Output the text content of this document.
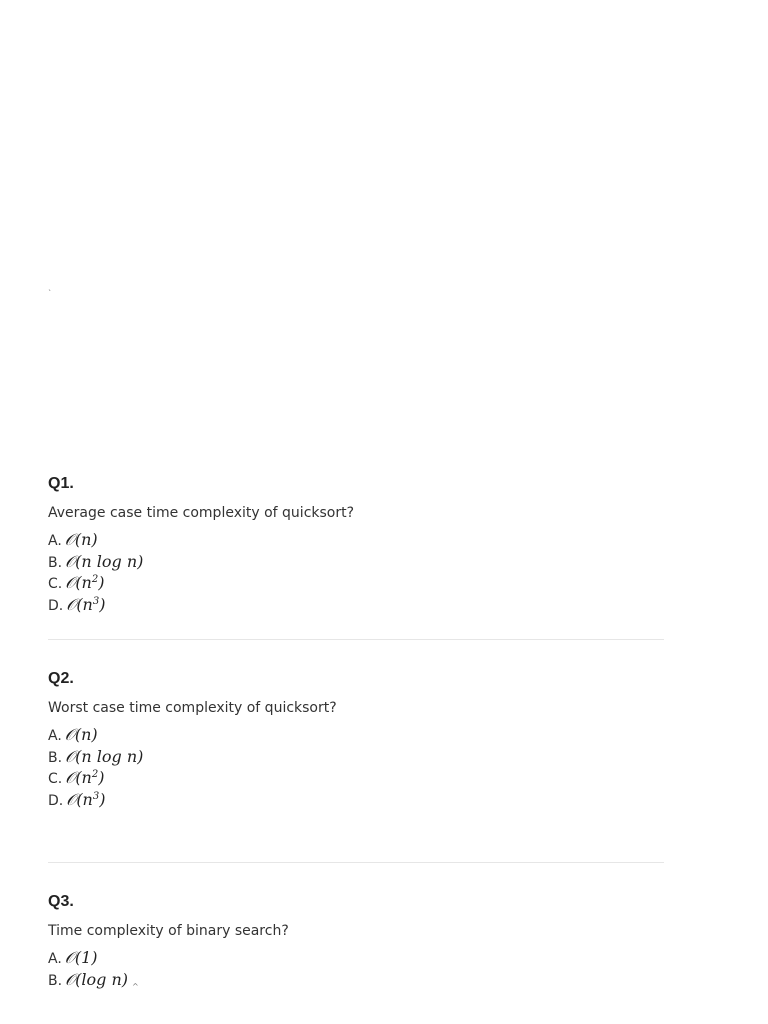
`
Q1.
Average case time complexity of quicksort?
A. 𝒪(n)
B. 𝒪(n log n)
C. $𝒪(n^2)$
D. $𝒪(n^3)$
Q2.
Worst case time complexity of quicksort?
A. 𝒪(n)
B. 𝒪(n log n)
C. $𝒪(n^2)$
D. $𝒪(n^3)$
Q3.
Time complexity of binary search?
A. 𝒪(1)
B. 𝒪(log n) ^
